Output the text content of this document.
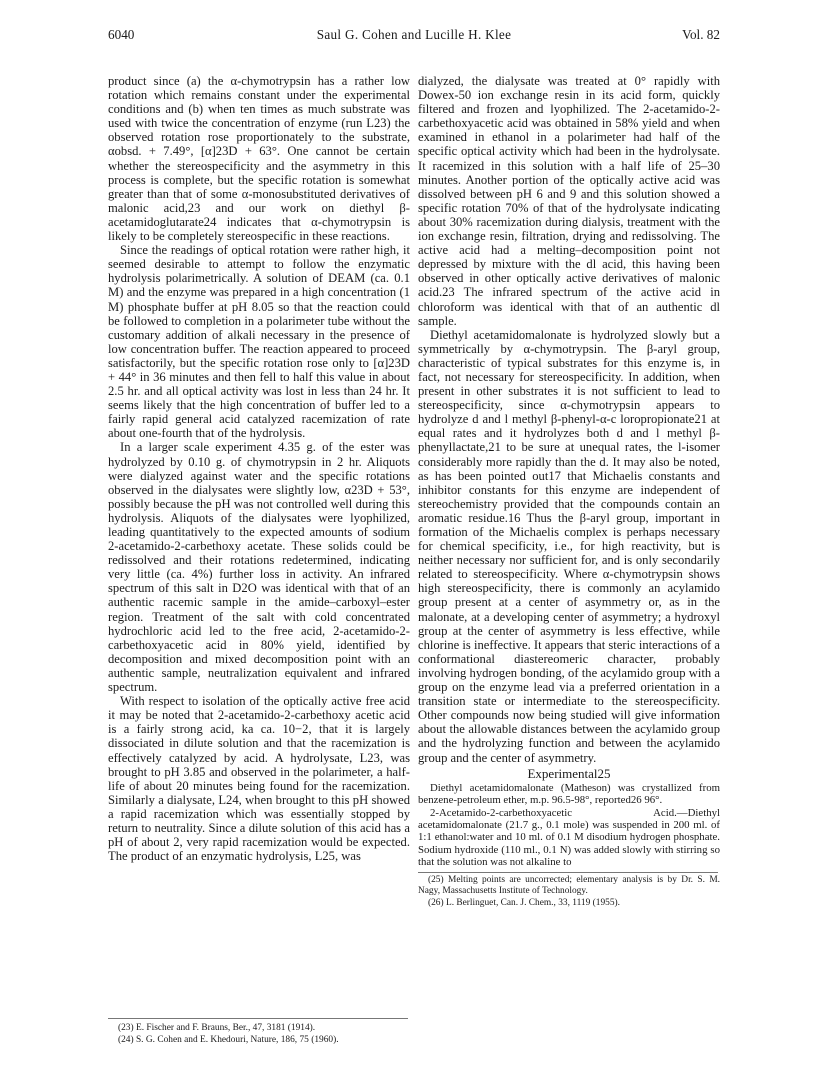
6040	Saul G. Cohen and Lucille H. Klee	Vol. 82

product since (a) the α-chymotrypsin has a rather low rotation which remains constant under the experimental conditions and (b) when ten times as much substrate was used with twice the concentration of enzyme (run L23) the observed rotation rose proportionately to the substrate, αobsd. + 7.49°, [α]23D + 63°. One cannot be certain whether the stereospecificity and the asymmetry in this process is complete, but the specific rotation is somewhat greater than that of some α-monosubstituted derivatives of malonic acid,23 and our work on diethyl β-acetamidoglutarate24 indicates that α-chymotrypsin is likely to be completely stereospecific in these reactions.

Since the readings of optical rotation were rather high, it seemed desirable to attempt to follow the enzymatic hydrolysis polarimetrically. A solution of DEAM (ca. 0.1 M) and the enzyme was prepared in a high concentration (1 M) phosphate buffer at pH 8.05 so that the reaction could be followed to completion in a polarimeter tube without the customary addition of alkali necessary in the presence of low concentration buffer. The reaction appeared to proceed satisfactorily, but the specific rotation rose only to [α]23D + 44° in 36 minutes and then fell to half this value in about 2.5 hr. and all optical activity was lost in less than 24 hr. It seems likely that the high concentration of buffer led to a fairly rapid general acid catalyzed racemization of rate about one-fourth that of the hydrolysis.

In a larger scale experiment 4.35 g. of the ester was hydrolyzed by 0.10 g. of chymotrypsin in 2 hr. Aliquots were dialyzed against water and the specific rotations observed in the dialysates were slightly low, α23D + 53°, possibly because the pH was not controlled well during this hydrolysis. Aliquots of the dialysates were lyophilized, leading quantitatively to the expected amounts of sodium 2-acetamido-2-carbethoxy acetate. These solids could be redissolved and their rotations redetermined, indicating very little (ca. 4%) further loss in activity. An infrared spectrum of this salt in D2O was identical with that of an authentic racemic sample in the amide–carboxyl–ester region. Treatment of the salt with cold concentrated hydrochloric acid led to the free acid, 2-acetamido-2-carbethoxyacetic acid in 80% yield, identified by decomposition and mixed decomposition point with an authentic sample, neutralization equivalent and infrared spectrum.

With respect to isolation of the optically active free acid it may be noted that 2-acetamido-2-carbethoxy acetic acid is a fairly strong acid, ka ca. 10−2, that it is largely dissociated in dilute solution and that the racemization is effectively catalyzed by acid. A hydrolysate, L23, was brought to pH 3.85 and observed in the polarimeter, a half-life of about 20 minutes being found for the racemization. Similarly a dialysate, L24, when brought to this pH showed a rapid racemization which was essentially stopped by return to neutrality. Since a dilute solution of this acid has a pH of about 2, very rapid racemization would be expected. The product of an enzymatic hydrolysis, L25, was

(23) E. Fischer and F. Brauns, Ber., 47, 3181 (1914).
(24) S. G. Cohen and E. Khedouri, Nature, 186, 75 (1960).

dialyzed, the dialysate was treated at 0° rapidly with Dowex-50 ion exchange resin in its acid form, quickly filtered and frozen and lyophilized. The 2-acetamido-2-carbethoxyacetic acid was obtained in 58% yield and when examined in ethanol in a polarimeter had half of the specific optical activity which had been in the hydrolysate. It racemized in this solution with a half life of 25–30 minutes. Another portion of the optically active acid was dissolved between pH 6 and 9 and this solution showed a specific rotation 70% of that of the hydrolysate indicating about 30% racemization during dialysis, treatment with the ion exchange resin, filtration, drying and redissolving. The active acid had a melting–decomposition point not depressed by mixture with the dl acid, this having been observed in other optically active derivatives of malonic acid.23 The infrared spectrum of the active acid in chloroform was identical with that of an authentic dl sample.

Diethyl acetamidomalonate is hydrolyzed slowly but a symmetrically by α-chymotrypsin. The β-aryl group, characteristic of typical substrates for this enzyme is, in fact, not necessary for stereospecificity. In addition, when present in other substrates it is not sufficient to lead to stereospecificity, since α-chymotrypsin appears to hydrolyze d and l methyl β-phenyl-α-c loropropionate21 at equal rates and it hydrolyzes both d and l methyl β-phenyllactate,21 to be sure at unequal rates, the l-isomer considerably more rapidly than the d. It may also be noted, as has been pointed out17 that Michaelis constants and inhibitor constants for this enzyme are independent of stereochemistry provided that the compounds contain an aromatic residue.16 Thus the β-aryl group, important in formation of the Michaelis complex is perhaps necessary for chemical specificity, i.e., for high reactivity, but is neither necessary nor sufficient for, and is only secondarily related to stereospecificity. Where α-chymotrypsin shows high stereospecificity, there is commonly an acylamido group present at a center of asymmetry or, as in the malonate, at a developing center of asymmetry; a hydroxyl group at the center of asymmetry is less effective, while chlorine is ineffective. It appears that steric interactions of a conformational diastereomeric character, probably involving hydrogen bonding, of the acylamido group with a group on the enzyme lead via a preferred orientation in a transition state or intermediate to the stereospecificity. Other compounds now being studied will give information about the allowable distances between the acylamido group and the hydrolyzing function and between the acylamido group and the center of asymmetry.

Experimental25

Diethyl acetamidomalonate (Matheson) was crystallized from benzene-petroleum ether, m.p. 96.5-98°, reported26 96°.

2-Acetamido-2-carbethoxyacetic Acid.—Diethyl acetamidomalonate (21.7 g., 0.1 mole) was suspended in 200 ml. of 1:1 ethanol:water and 10 ml. of 0.1 M disodium hydrogen phosphate. Sodium hydroxide (110 ml., 0.1 N) was added slowly with stirring so that the solution was not alkaline to

(25) Melting points are uncorrected; elementary analysis is by Dr. S. M. Nagy, Massachusetts Institute of Technology.
(26) L. Berlinguet, Can. J. Chem., 33, 1119 (1955).
